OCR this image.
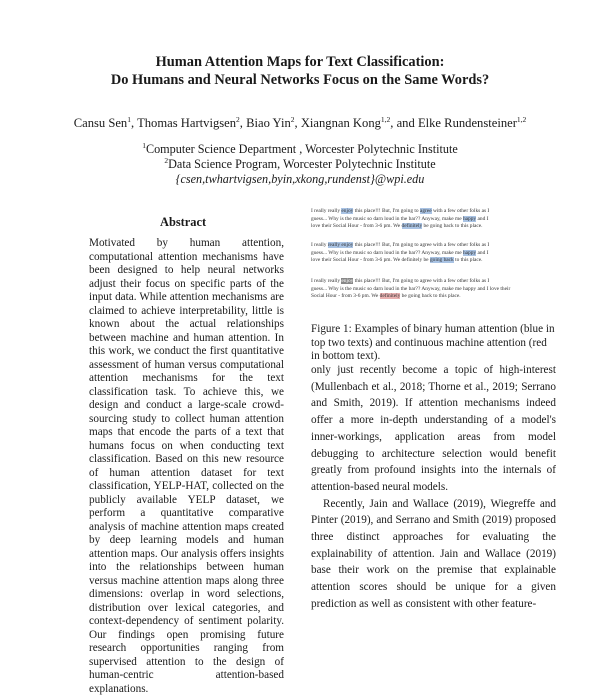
Human Attention Maps for Text Classification:
Do Humans and Neural Networks Focus on the Same Words?
Cansu Sen$^1$, Thomas Hartvigsen$^2$, Biao Yin$^2$, Xiangnan Kong$^{1,2}$, and Elke Rundensteiner$^{1,2}$
$^1$Computer Science Department , Worcester Polytechnic Institute
$^2$Data Science Program, Worcester Polytechnic Institute
{csen,twhartvigsen,byin,xkong,rundenst}@wpi.edu
Abstract

Motivated by human attention, computational attention mechanisms have been designed to help neural networks adjust their focus on specific parts of the input data. While attention mechanisms are claimed to achieve interpretability, little is known about the actual relationships between machine and human attention. In this work, we conduct the first quantitative assessment of human versus computational attention mechanisms for the text classification task. To achieve this, we design and conduct a large-scale crowd-sourcing study to collect human attention maps that encode the parts of a text that humans focus on when conducting text classification. Based on this new resource of human attention dataset for text classification, YELP-HAT, collected on the publicly available YELP dataset, we perform a quantitative comparative analysis of machine attention maps created by deep learning models and human attention maps. Our analysis offers insights into the relationships between human versus machine attention maps along three dimensions: overlap in word selections, distribution over lexical categories, and context-dependency of sentiment polarity. Our findings open promising future research opportunities ranging from supervised attention to the design of human-centric attention-based explanations.

I really really enjoy this place!!! But, I'm going to agree with a few other folks as I
guess... Why is the music so darn loud in the bar?? Anyway, make me happy and I
love their Social Hour - from 3-6 pm. We definitely be going back to this place.
I really really enjoy this place!!! But, I'm going to agree with a few other folks as I
guess... Why is the music so darn loud in the bar?? Anyway, make me happy and I
love their Social Hour - from 3-6 pm. We definitely be going back to this place.
I really really enjoy this place!!! But, I'm going to agree with a few other folks as I
guess... Why is the music so darn loud in the bar?? Anyway, make me happy and I love their
Social Hour - from 3-6 pm. We definitely be going back to this place.
Figure 1: Examples of binary human attention (blue in top two texts) and continuous machine attention (red in bottom text).

only just recently become a topic of high-interest (Mullenbach et al., 2018; Thorne et al., 2019; Serrano and Smith, 2019). If attention mechanisms indeed offer a more in-depth understanding of a model's inner-workings, application areas from model debugging to architecture selection would benefit greatly from profound insights into the internals of attention-based neural models.

Recently, Jain and Wallace (2019), Wiegreffe and Pinter (2019), and Serrano and Smith (2019) proposed three distinct approaches for evaluating the explainability of attention. Jain and Wallace (2019) base their work on the premise that explainable attention scores should be unique for a given prediction as well as consistent with other feature-
